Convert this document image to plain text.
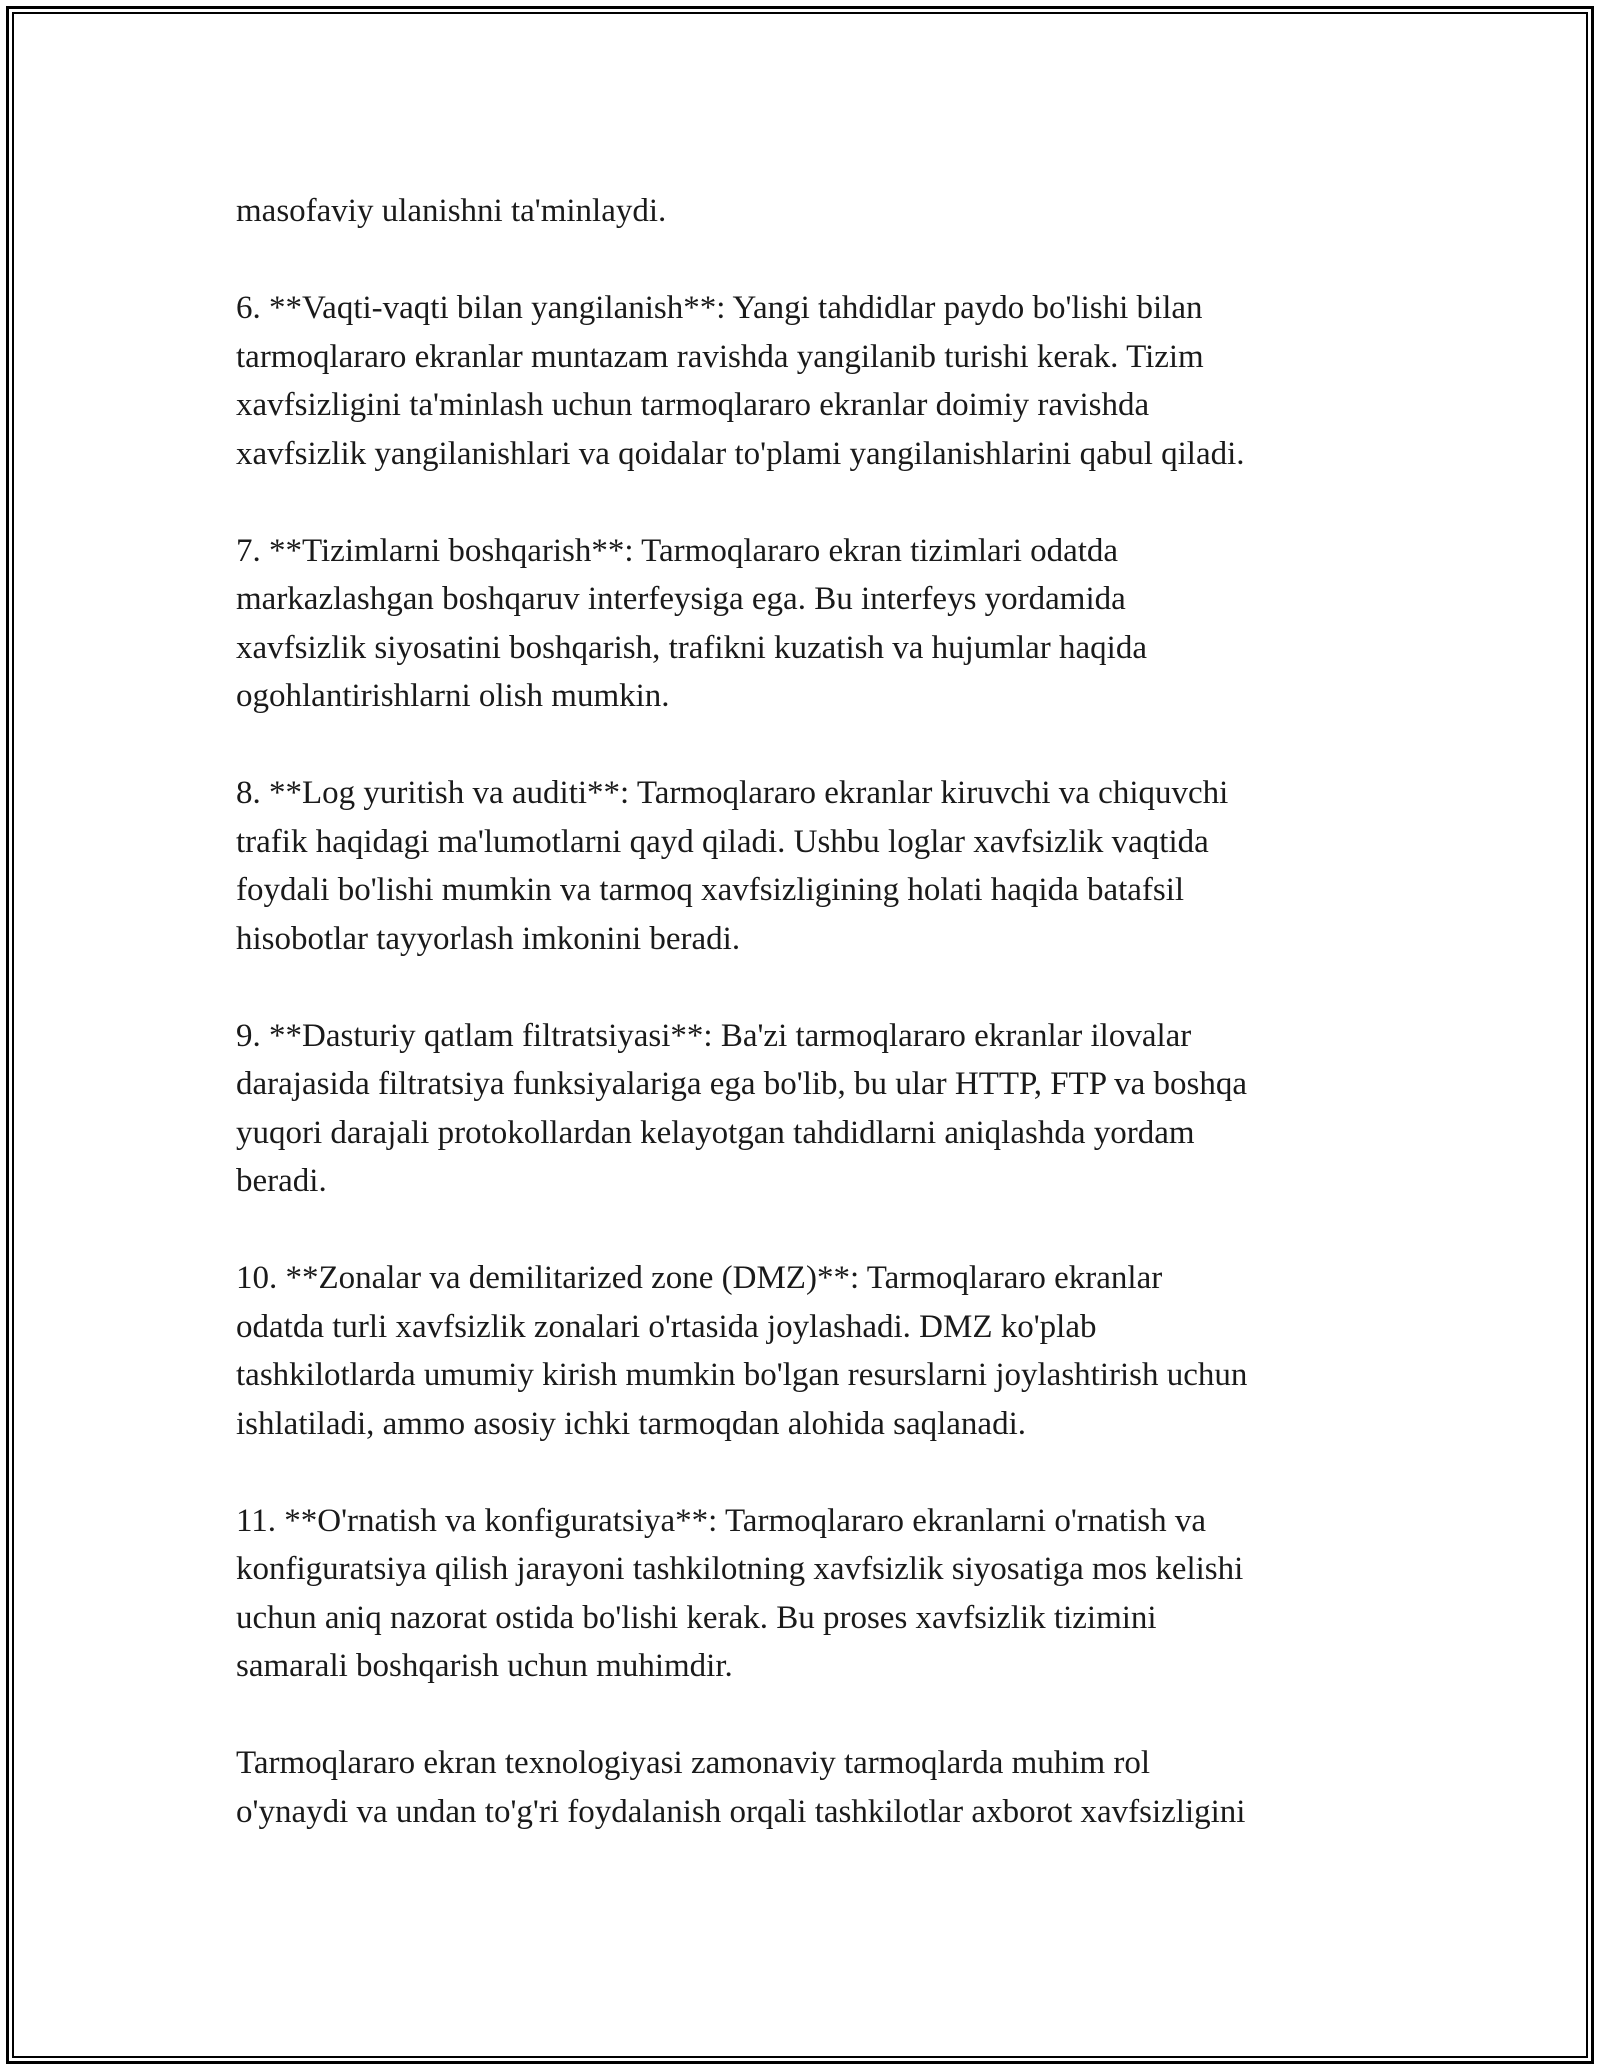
masofaviy ulanishni ta'minlaydi.

6. **Vaqti-vaqti bilan yangilanish**: Yangi tahdidlar paydo bo'lishi bilan
tarmoqlararo ekranlar muntazam ravishda yangilanib turishi kerak. Tizim
xavfsizligini ta'minlash uchun tarmoqlararo ekranlar doimiy ravishda
xavfsizlik yangilanishlari va qoidalar to'plami yangilanishlarini qabul qiladi.

7. **Tizimlarni boshqarish**: Tarmoqlararo ekran tizimlari odatda
markazlashgan boshqaruv interfeysiga ega. Bu interfeys yordamida
xavfsizlik siyosatini boshqarish, trafikni kuzatish va hujumlar haqida
ogohlantirishlarni olish mumkin.

8. **Log yuritish va auditi**: Tarmoqlararo ekranlar kiruvchi va chiquvchi
trafik haqidagi ma'lumotlarni qayd qiladi. Ushbu loglar xavfsizlik vaqtida
foydali bo'lishi mumkin va tarmoq xavfsizligining holati haqida batafsil
hisobotlar tayyorlash imkonini beradi.

9. **Dasturiy qatlam filtratsiyasi**: Ba'zi tarmoqlararo ekranlar ilovalar
darajasida filtratsiya funksiyalariga ega bo'lib, bu ular HTTP, FTP va boshqa
yuqori darajali protokollardan kelayotgan tahdidlarni aniqlashda yordam
beradi.

10. **Zonalar va demilitarized zone (DMZ)**: Tarmoqlararo ekranlar
odatda turli xavfsizlik zonalari o'rtasida joylashadi. DMZ ko'plab
tashkilotlarda umumiy kirish mumkin bo'lgan resurslarni joylashtirish uchun
ishlatiladi, ammo asosiy ichki tarmoqdan alohida saqlanadi.

11. **O'rnatish va konfiguratsiya**: Tarmoqlararo ekranlarni o'rnatish va
konfiguratsiya qilish jarayoni tashkilotning xavfsizlik siyosatiga mos kelishi
uchun aniq nazorat ostida bo'lishi kerak. Bu proses xavfsizlik tizimini
samarali boshqarish uchun muhimdir.

Tarmoqlararo ekran texnologiyasi zamonaviy tarmoqlarda muhim rol
o'ynaydi va undan to'g'ri foydalanish orqali tashkilotlar axborot xavfsizligini
